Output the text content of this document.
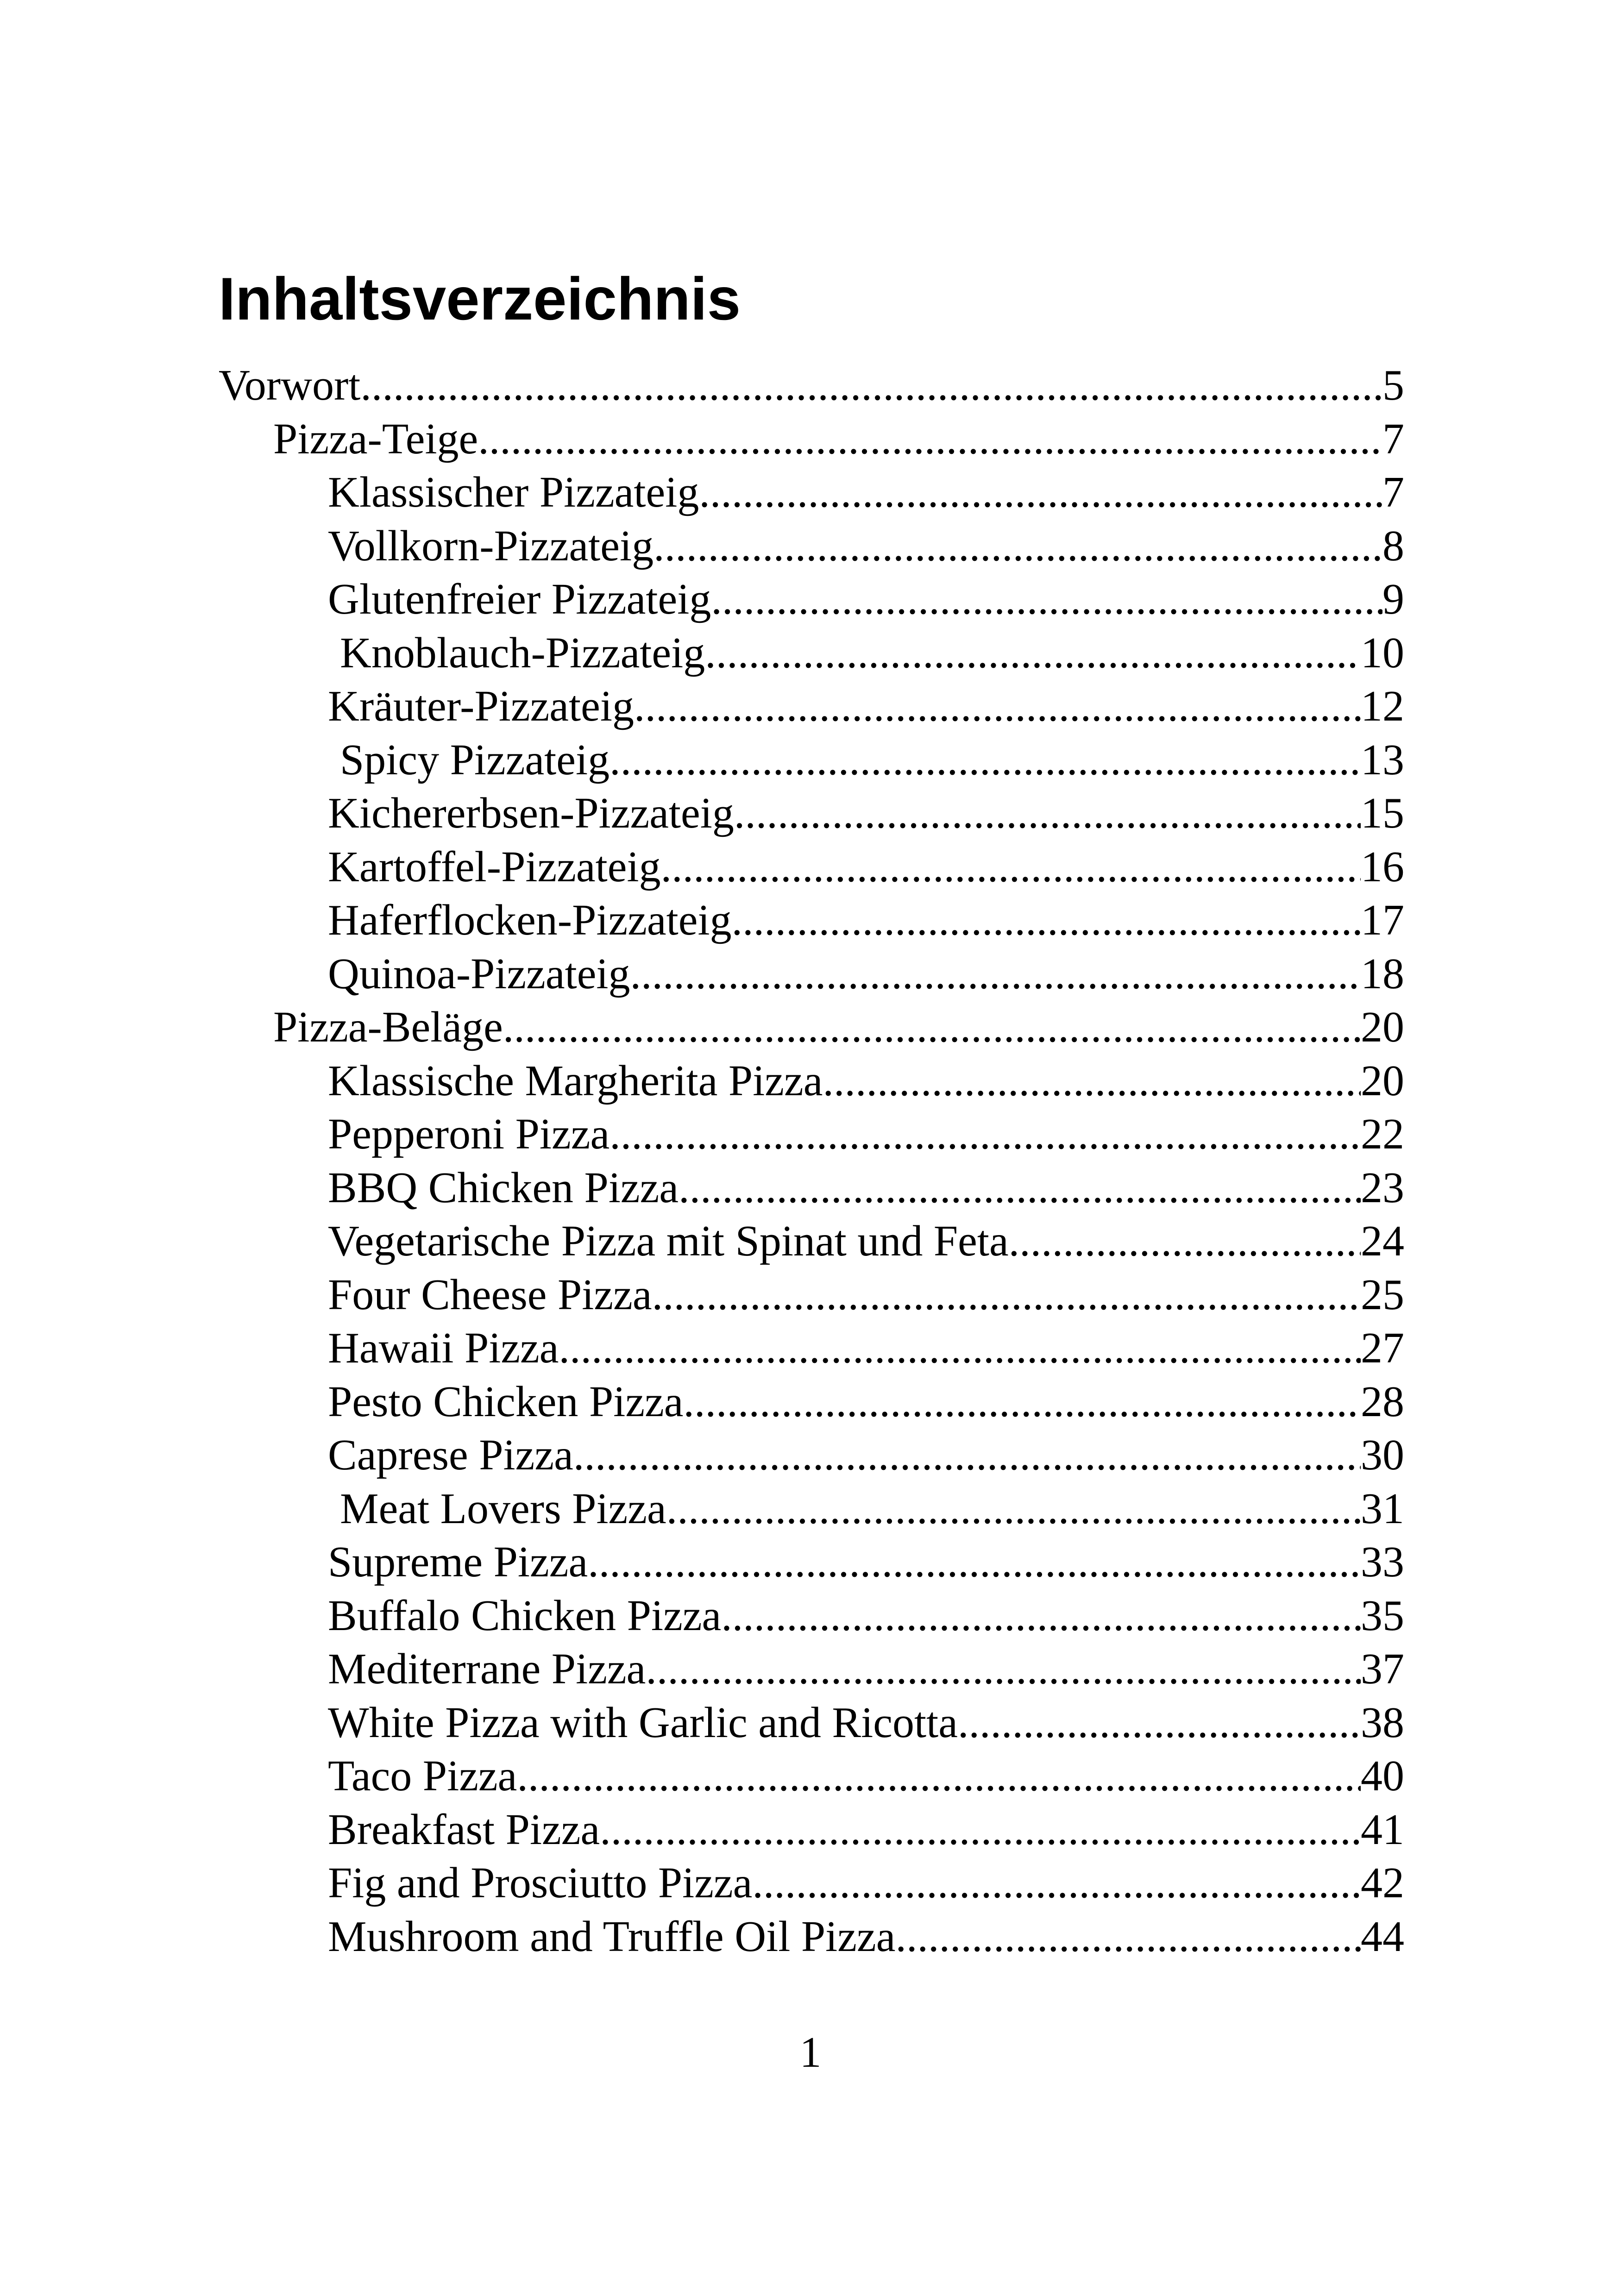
Inhaltsverzeichnis
Vorwort .....	5
Pizza-Teige .....	7
Klassischer Pizzateig .....	7
Vollkorn-Pizzateig .....	8
Glutenfreier Pizzateig .....	9
Knoblauch-Pizzateig .....	10
Kräuter-Pizzateig .....	12
Spicy Pizzateig .....	13
Kichererbsen-Pizzateig .....	15
Kartoffel-Pizzateig .....	16
Haferflocken-Pizzateig .....	17
Quinoa-Pizzateig .....	18
Pizza-Beläge .....	20
Klassische Margherita Pizza .....	20
Pepperoni Pizza .....	22
BBQ Chicken Pizza .....	23
Vegetarische Pizza mit Spinat und Feta .....	24
Four Cheese Pizza .....	25
Hawaii Pizza .....	27
Pesto Chicken Pizza .....	28
Caprese Pizza .....	30
Meat Lovers Pizza .....	31
Supreme Pizza .....	33
Buffalo Chicken Pizza .....	35
Mediterrane Pizza .....	37
White Pizza with Garlic and Ricotta .....	38
Taco Pizza .....	40
Breakfast Pizza .....	41
Fig and Prosciutto Pizza .....	42
Mushroom and Truffle Oil Pizza .....	44
1
